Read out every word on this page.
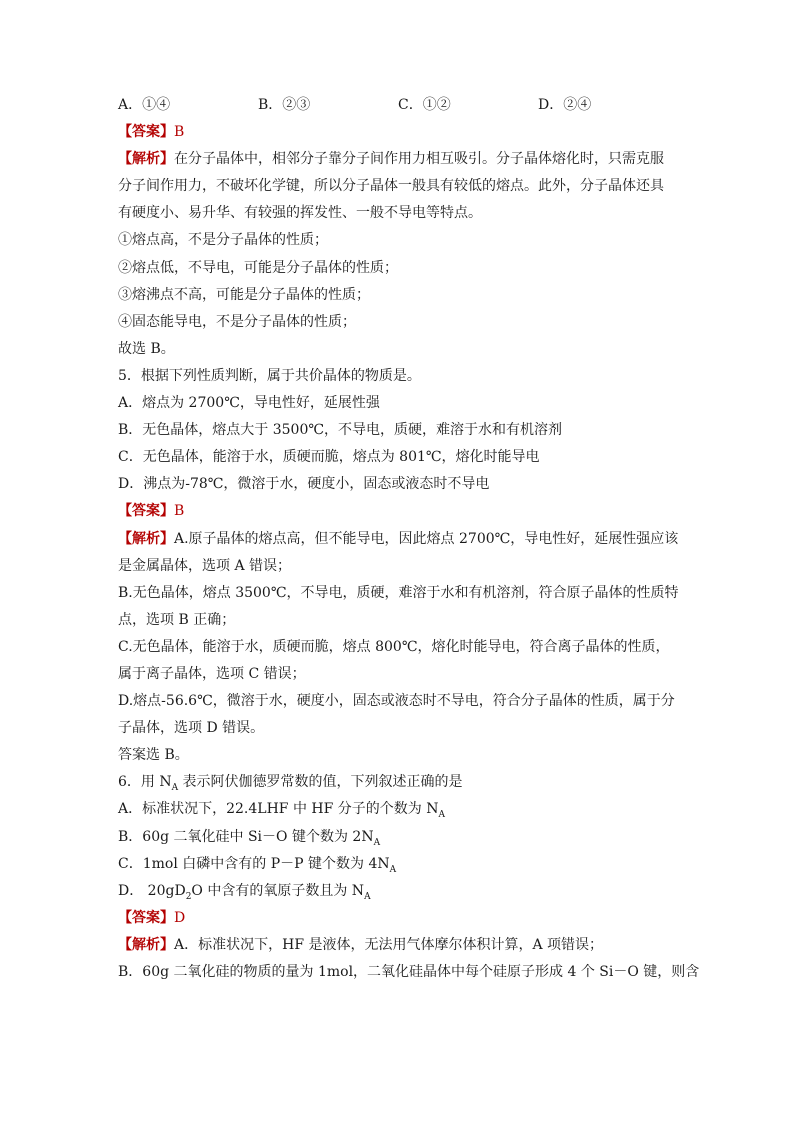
A．①④	B．②③	C．①②	D．②④
【答案】B
【解析】在分子晶体中，相邻分子靠分子间作用力相互吸引。分子晶体熔化时，只需克服
分子间作用力，不破坏化学键，所以分子晶体一般具有较低的熔点。此外，分子晶体还具
有硬度小、易升华、有较强的挥发性、一般不导电等特点。
①熔点高，不是分子晶体的性质；
②熔点低，不导电，可能是分子晶体的性质；
③熔沸点不高，可能是分子晶体的性质；
④固态能导电，不是分子晶体的性质；
故选 B。
5．根据下列性质判断，属于共价晶体的物质是。
A．熔点为 2700℃，导电性好，延展性强
B．无色晶体，熔点大于 3500℃，不导电，质硬，难溶于水和有机溶剂
C．无色晶体，能溶于水，质硬而脆，熔点为 801℃，熔化时能导电
D．沸点为-78℃，微溶于水，硬度小，固态或液态时不导电
【答案】B
【解析】A.原子晶体的熔点高，但不能导电，因此熔点 2700℃，导电性好，延展性强应该
是金属晶体，选项 A 错误；
B.无色晶体，熔点 3500℃，不导电，质硬，难溶于水和有机溶剂，符合原子晶体的性质特
点，选项 B 正确；
C.无色晶体，能溶于水，质硬而脆，熔点 800℃，熔化时能导电，符合离子晶体的性质，
属于离子晶体，选项 C 错误；
D.熔点-56.6℃，微溶于水，硬度小，固态或液态时不导电，符合分子晶体的性质，属于分
子晶体，选项 D 错误。
答案选 B。
6．用 $N_A$ 表示阿伏伽德罗常数的值，下列叙述正确的是
A．标准状况下，22.4LHF 中 HF 分子的个数为 $N_A$
B．60g 二氧化硅中 Si－O 键个数为 $2N_A$
C．1mol 白磷中含有的 P－P 键个数为 $4N_A$
D． $20gD_2O$ 中含有的氧原子数且为 $N_A$
【答案】D
【解析】A．标准状况下，HF 是液体，无法用气体摩尔体积计算，A 项错误；
B．60g 二氧化硅的物质的量为 1mol，二氧化硅晶体中每个硅原子形成 4 个 Si－O 键，则含
